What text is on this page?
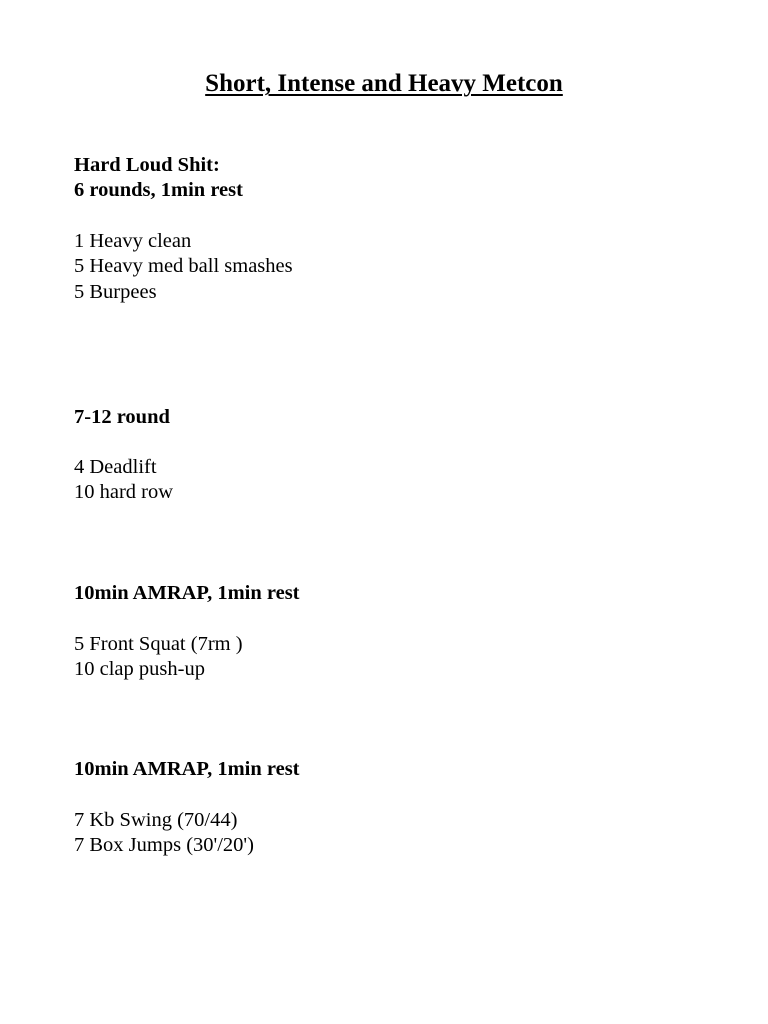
Short, Intense and Heavy Metcon
Hard Loud Shit:
6 rounds, 1min rest
1 Heavy clean
5 Heavy med ball smashes
5 Burpees
7-12 round
4 Deadlift
10 hard row
10min AMRAP, 1min rest
5 Front Squat (7rm )
10 clap push-up
10min AMRAP, 1min rest
7 Kb Swing (70/44)
7 Box Jumps (30'/20')
